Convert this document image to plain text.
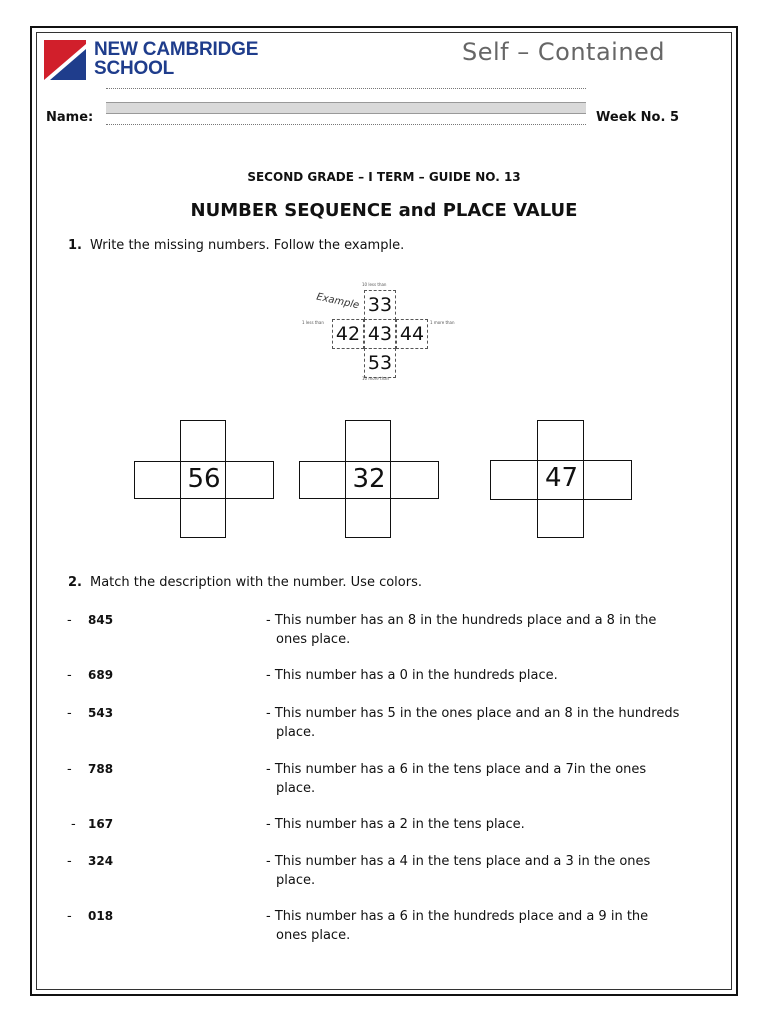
NEW CAMBRIDGE
SCHOOL
Self – Contained
Name:	Week No. 5
SECOND GRADE – I TERM – GUIDE NO. 13
NUMBER SEQUENCE and PLACE VALUE
1. Write the missing numbers. Follow the example.
Example
10 less than
1 less than	1 more than
10 more than
33
42 43 44
53
56	32	47
2. Match the description with the number. Use colors.
- 845	- This number has an 8 in the hundreds place and a 8 in the
ones place.
- 689	- This number has a 0 in the hundreds place.
- 543	- This number has 5 in the ones place and an 8 in the hundreds
place.
- 788	- This number has a 6 in the tens place and a 7in the ones
place.
- 167	- This number has a 2 in the tens place.
- 324	- This number has a 4 in the tens place and a 3 in the ones
place.
- 018	- This number has a 6 in the hundreds place and a 9 in the
ones place.
